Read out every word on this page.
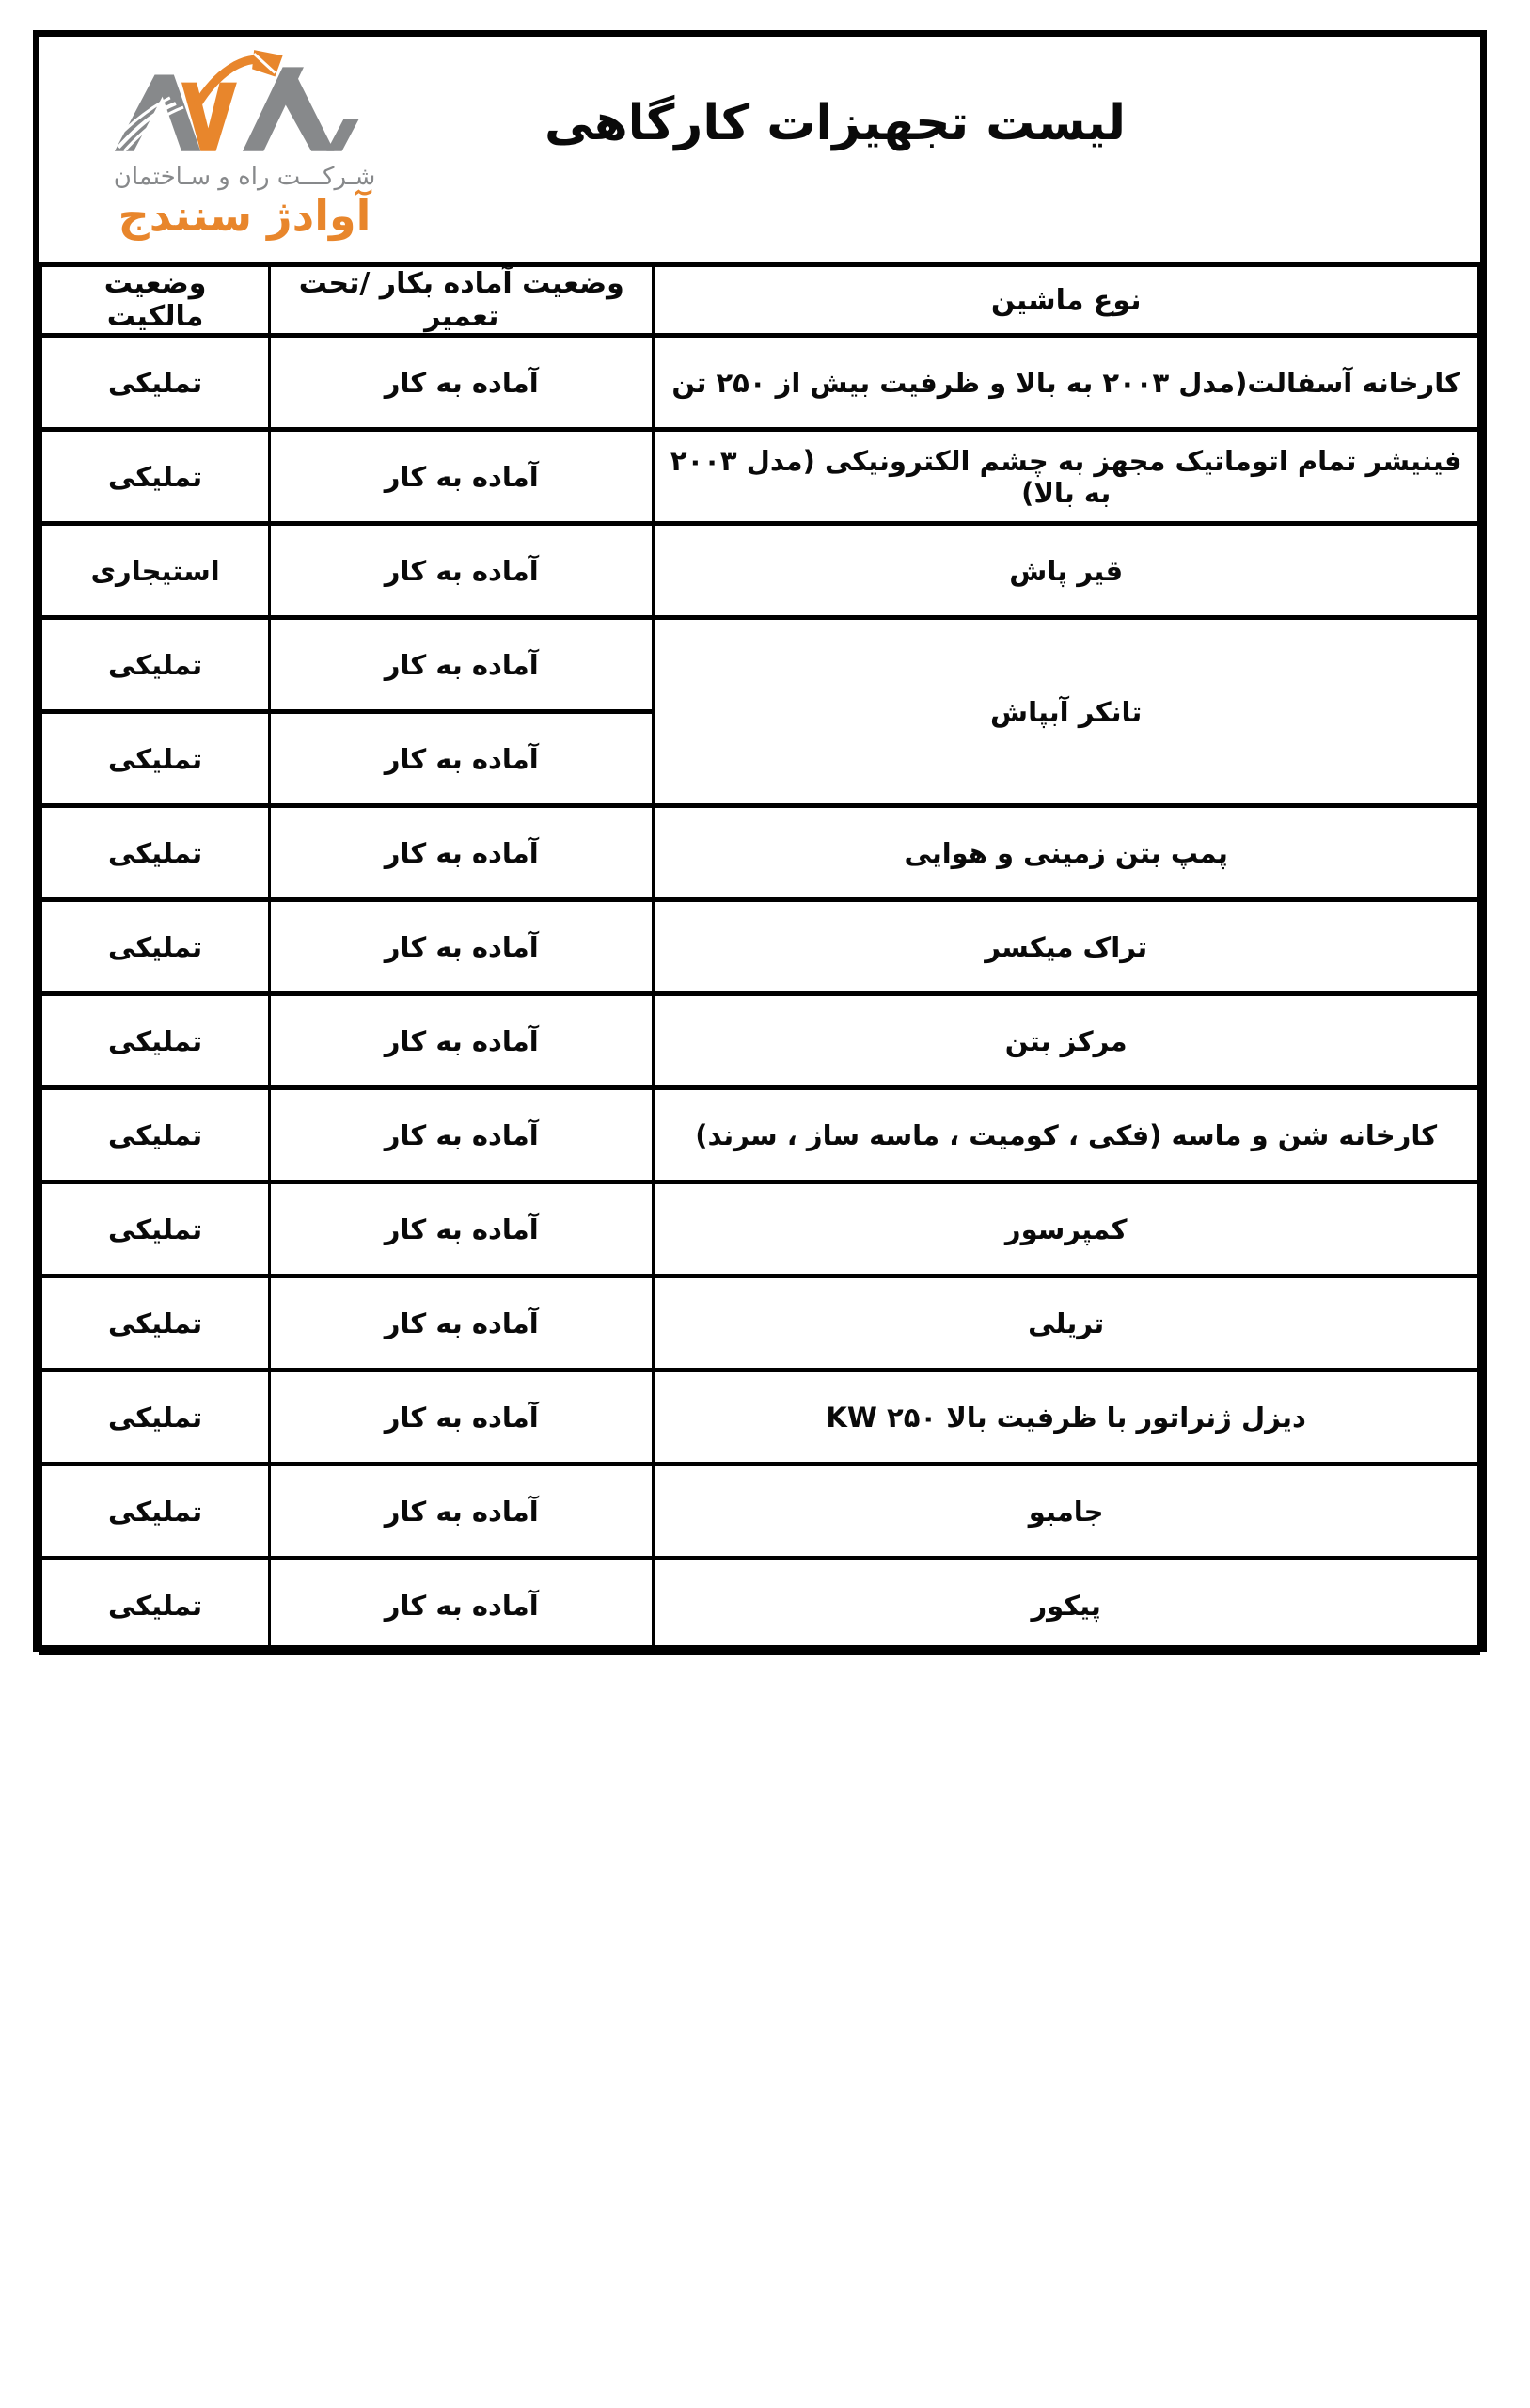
شـرکـــت راه و سـاختمان
آوادژ سنندج
لیست تجهیزات کارگاهی
نوع ماشین	وضعیت آماده بکار /تحت تعمیر	وضعیت مالکیت
کارخانه آسفالت(مدل ۲۰۰۳ به بالا و ظرفیت بیش از ۲۵۰ تن	آماده به کار	تملیکی
فینیشر تمام اتوماتیک مجهز به چشم الکترونیکی (مدل ۲۰۰۳ به بالا)	آماده به کار	تملیکی
قیر پاش	آماده به کار	استیجاری
تانکر آبپاش	آماده به کار	تملیکی
	آماده به کار	تملیکی
پمپ بتن زمینی و هوایی	آماده به کار	تملیکی
تراک میکسر	آماده به کار	تملیکی
مرکز بتن	آماده به کار	تملیکی
کارخانه شن و ماسه (فکی ، کومیت ، ماسه ساز ، سرند)	آماده به کار	تملیکی
کمپرسور	آماده به کار	تملیکی
تریلی	آماده به کار	تملیکی
دیزل ژنراتور با ظرفیت بالا ۲۵۰ KW	آماده به کار	تملیکی
جامبو	آماده به کار	تملیکی
پیکور	آماده به کار	تملیکی
